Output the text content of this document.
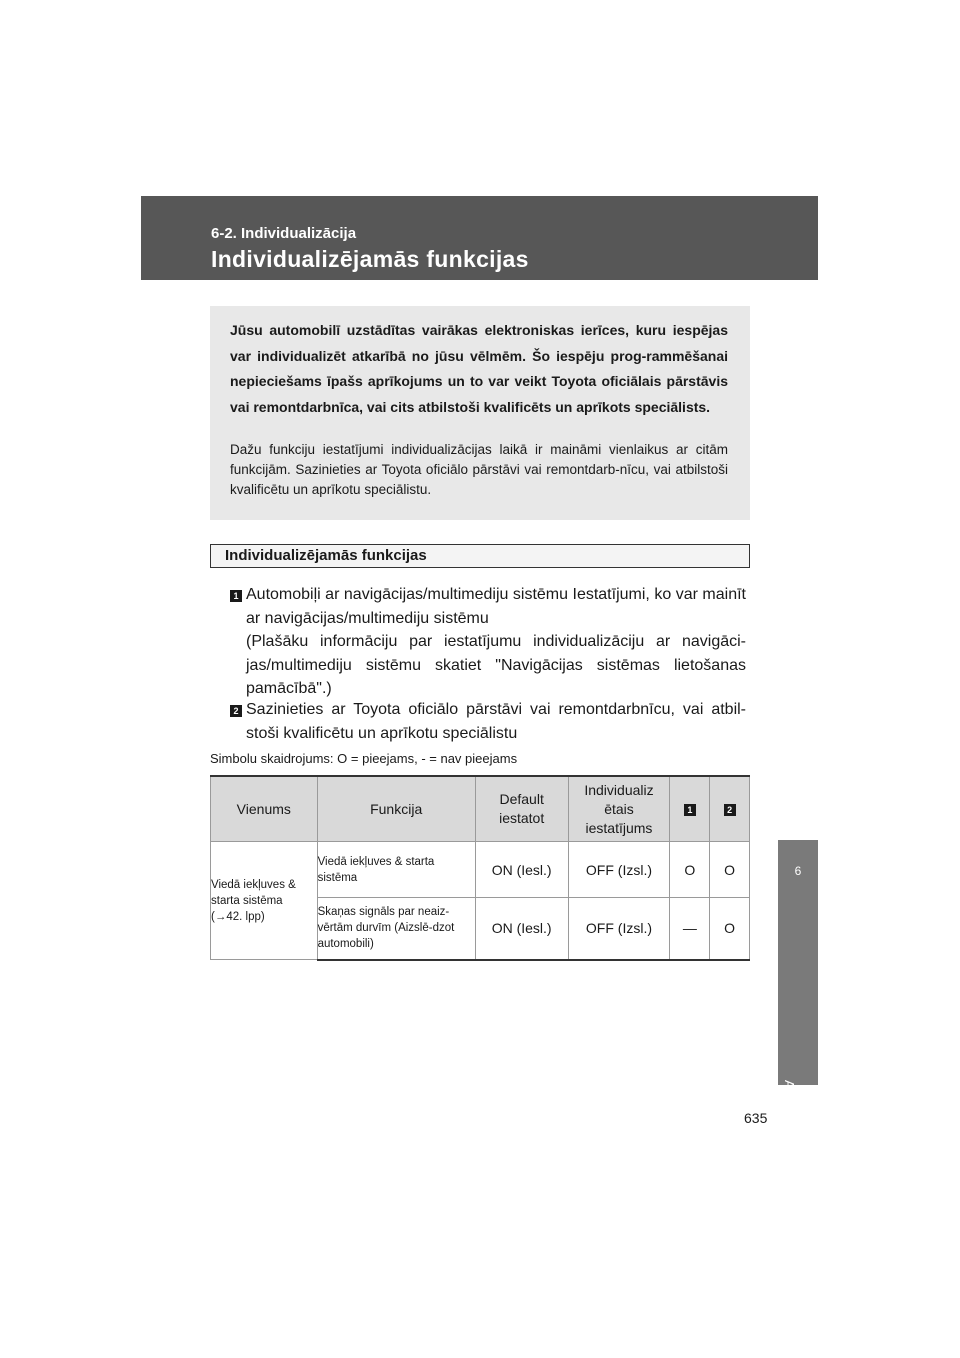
6-2. Individualizācija
Individualizējamās funkcijas
6
Automobiļa specifikācijas
Jūsu automobilī uzstādītas vairākas elektroniskas ierīces, kuru iespējas var individualizēt atkarībā no jūsu vēlmēm. Šo iespēju prog-rammēšanai nepieciešams īpašs aprīkojums un to var veikt Toyota oficiālais pārstāvis vai remontdarbnīca, vai cits atbilstoši kvalificēts un aprīkots speciālists.
Dažu funkciju iestatījumi individualizācijas laikā ir maināmi vienlaikus ar citām funkcijām. Sazinieties ar Toyota oficiālo pārstāvi vai remontdarb-nīcu, vai atbilstoši kvalificētu un aprīkotu speciālistu.
Individualizējamās funkcijas
1 Automobiļi ar navigācijas/multimediju sistēmu Iestatījumi, ko var mainīt ar navigācijas/multimediju sistēmu
(Plašāku informāciju par iestatījumu individualizāciju ar navigāci-jas/multimediju sistēmu skatiet "Navigācijas sistēmas lietošanas pamācībā".)
2 Sazinieties ar Toyota oficiālo pārstāvi vai remontdarbnīcu, vai atbil-stoši kvalificētu un aprīkotu speciālistu
Simbolu skaidrojums: O = pieejams, - = nav pieejams
Vienums	Funkcija	Default iestatot	Individualiz ētais iestatījums	1	2
Viedā iekļuves & starta sistēma (→42. lpp)	Viedā iekļuves & starta sistēma	ON (Iesl.)	OFF (Izsl.)	O	O
	Skaņas signāls par neaiz-vērtām durvīm (Aizslē-dzot automobili)	ON (Iesl.)	OFF (Izsl.)	—	O
635
